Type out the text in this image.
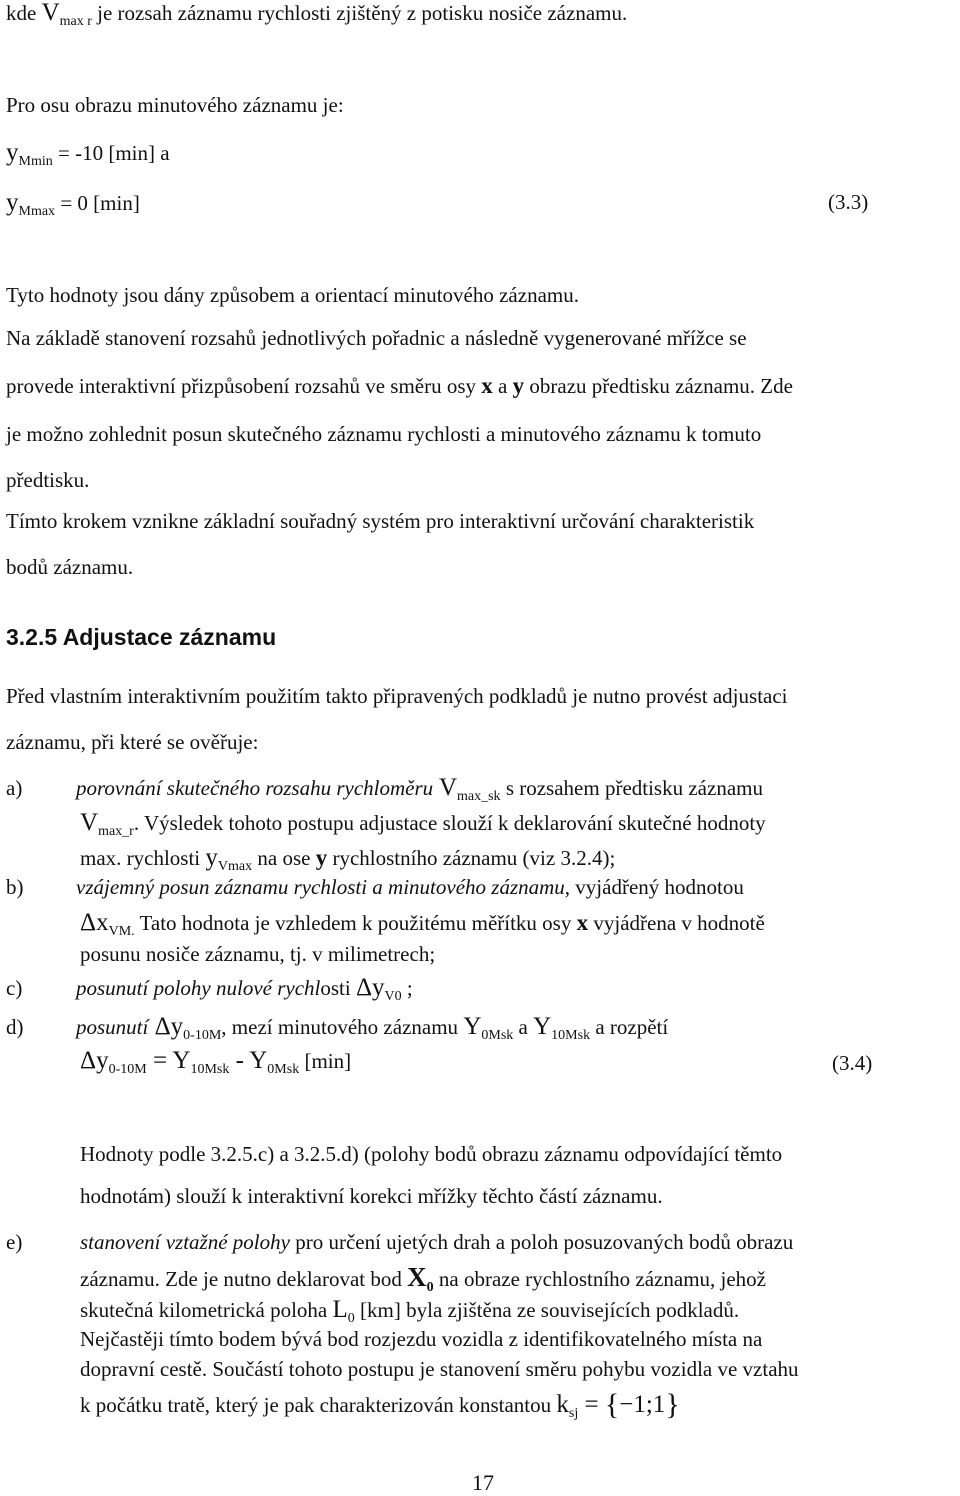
kde $V_{max r}$ je rozsah záznamu rychlosti zjištěný z potisku nosiče záznamu.
Pro osu obrazu minutového záznamu je:
$y_{Mmin} = -10$ [min] a
$y_{Mmax} = 0$ [min]	(3.3)
Tyto hodnoty jsou dány způsobem a orientací minutového záznamu.
Na základě stanovení rozsahů jednotlivých pořadnic a následně vygenerované mřížce se
provede interaktivní přizpůsobení rozsahů ve směru osy x a y obrazu předtisku záznamu. Zde
je možno zohlednit posun skutečného záznamu rychlosti a minutového záznamu k tomuto
předtisku.
Tímto krokem vznikne základní souřadný systém pro interaktivní určování charakteristik
bodů záznamu.
3.2.5 Adjustace záznamu
Před vlastním interaktivním použitím takto připravených podkladů je nutno provést adjustaci
záznamu, při které se ověřuje:
a)	porovnání skutečného rozsahu rychloměru $V_{max\_sk}$ s rozsahem předtisku záznamu
$V_{max\_r}$. Výsledek tohoto postupu adjustace slouží k deklarování skutečné hodnoty
max. rychlosti $y_{Vmax}$ na ose y rychlostního záznamu (viz 3.2.4);
b)	vzájemný posun záznamu rychlosti a minutového záznamu, vyjádřený hodnotou
$\Delta x_{VM.}$ Tato hodnota je vzhledem k použitému měřítku osy x vyjádřena v hodnotě
posunu nosiče záznamu, tj. v milimetrech;
c)	posunutí polohy nulové rychlosti $\Delta y_{V0}$ ;
d)	posunutí $\Delta y_{0-10M}$, mezí minutového záznamu $Y_{0Msk}$ a $Y_{10Msk}$ a rozpětí
$\Delta y_{0-10M} = Y_{10Msk} - Y_{0Msk}$ [min]	(3.4)
Hodnoty podle 3.2.5.c) a 3.2.5.d) (polohy bodů obrazu záznamu odpovídající těmto
hodnotám) slouží k interaktivní korekci mřížky těchto částí záznamu.
e)	stanovení vztažné polohy pro určení ujetých drah a poloh posuzovaných bodů obrazu
záznamu. Zde je nutno deklarovat bod $X_0$ na obraze rychlostního záznamu, jehož
skutečná kilometrická poloha $L_0$ [km] byla zjištěna ze souvisejících podkladů.
Nejčastěji tímto bodem bývá bod rozjezdu vozidla z identifikovatelného místa na
dopravní cestě. Součástí tohoto postupu je stanovení směru pohybu vozidla ve vztahu
k počátku tratě, který je pak charakterizován konstantou $k_{sj}$ = {−1;1}
17
